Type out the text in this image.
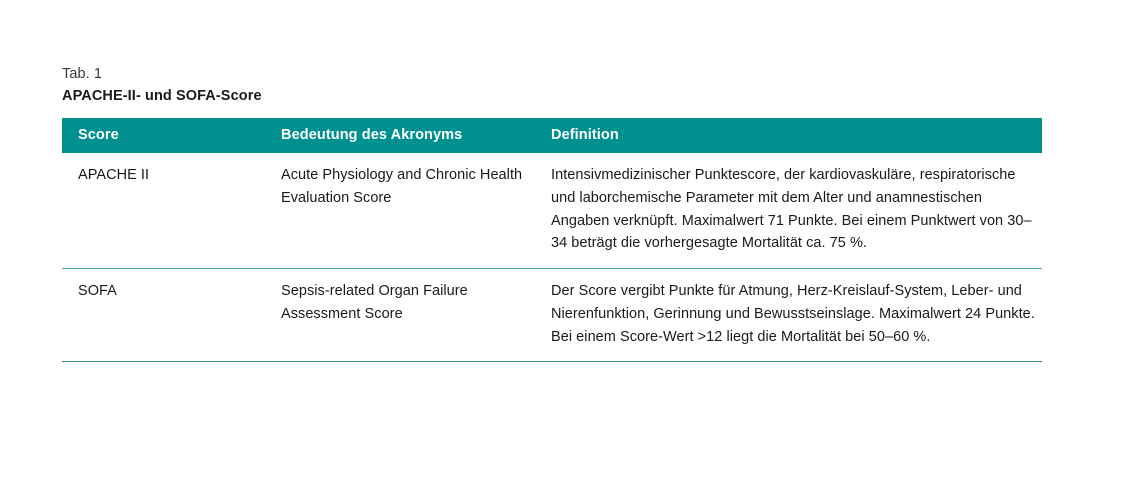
Tab. 1
APACHE-II- und SOFA-Score
Score	Bedeutung des Akronyms	Definition
APACHE II	Acute Physiology and Chronic Health Evaluation Score	Intensivmedizinischer Punktescore, der kardiovaskuläre, respiratorische und laborchemische Parameter mit dem Alter und anamnestischen Angaben verknüpft. Maximalwert 71 Punkte. Bei einem Punktwert von 30–34 beträgt die vorhergesagte Mortalität ca. 75 %.
SOFA	Sepsis-related Organ Failure Assessment Score	Der Score vergibt Punkte für Atmung, Herz-Kreislauf-System, Leber- und Nierenfunktion, Gerinnung und Bewusstseinslage. Maximalwert 24 Punkte. Bei einem Score-Wert >12 liegt die Mortalität bei 50–60 %.
